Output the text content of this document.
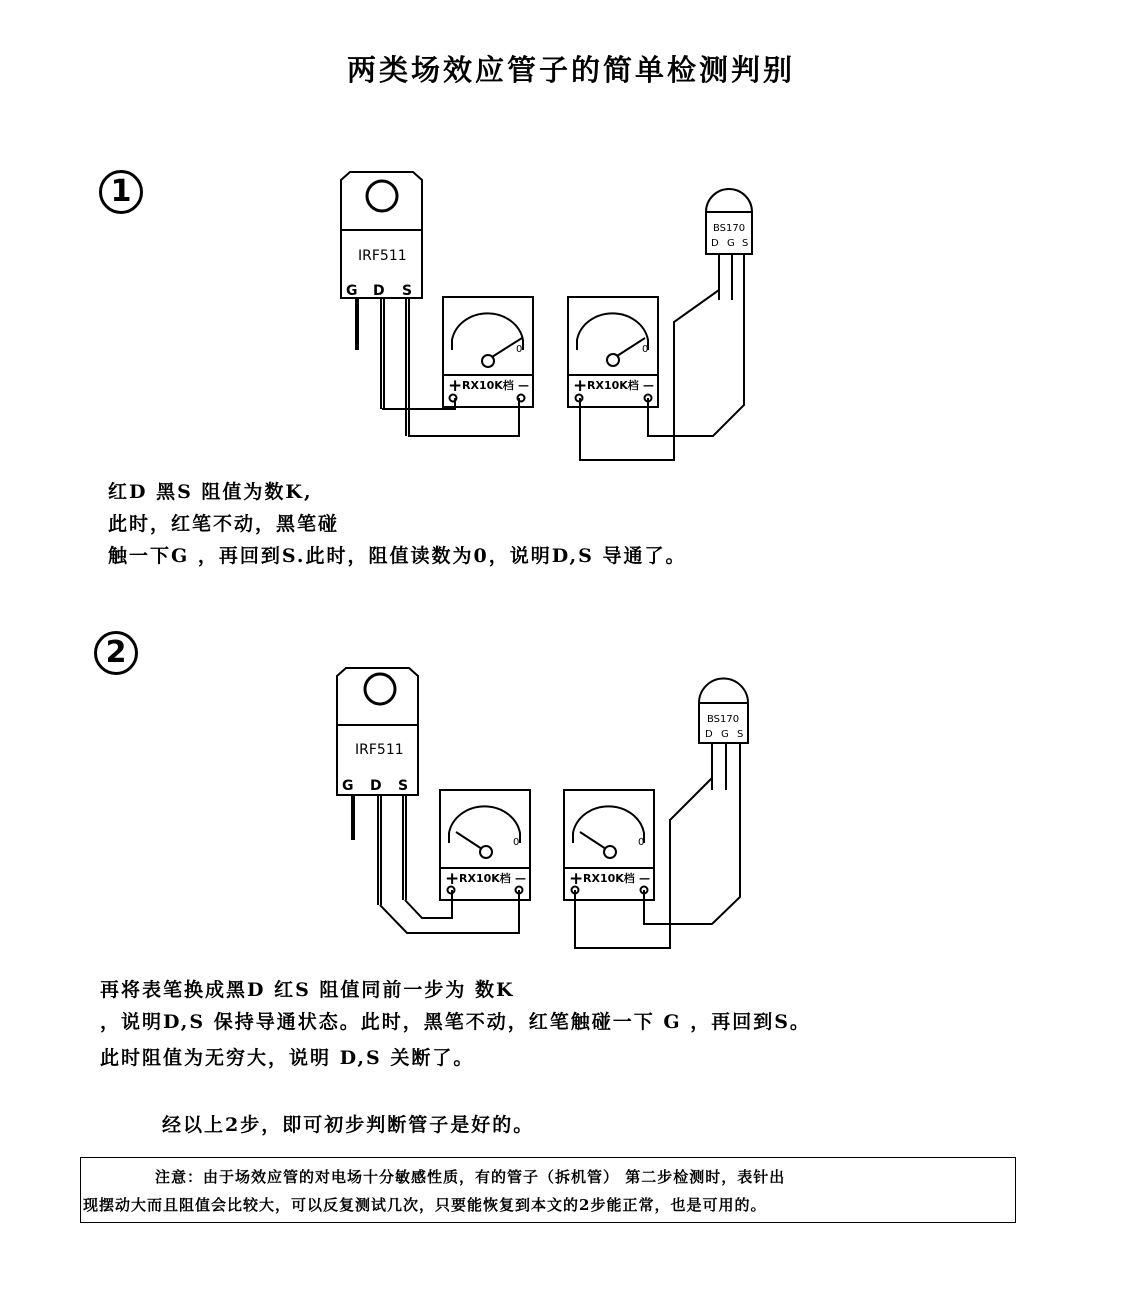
两类场效应管子的简单检测判别
1
2
IRF511
G D S
BS170
D G S
+ RX10K档 —
0
+ RX10K档 —
0
IRF511
G D S
BS170
D G S
+ RX10K档 —
0
+ RX10K档 —
0
红D 黑S 阻值为数K,
此时，红笔不动，黑笔碰
触一下G ，再回到S.此时，阻值读数为0，说明D,S 导通了。
再将表笔换成黑D 红S 阻值同前一步为 数K
，说明D,S 保持导通状态。此时，黑笔不动，红笔触碰一下 G ，再回到S。
此时阻值为无穷大，说明 D,S 关断了。
经以上2步，即可初步判断管子是好的。
注意：由于场效应管的对电场十分敏感性质，有的管子（拆机管） 第二步检测时，表针出
现摆动大而且阻值会比较大，可以反复测试几次，只要能恢复到本文的2步能正常，也是可用的。
